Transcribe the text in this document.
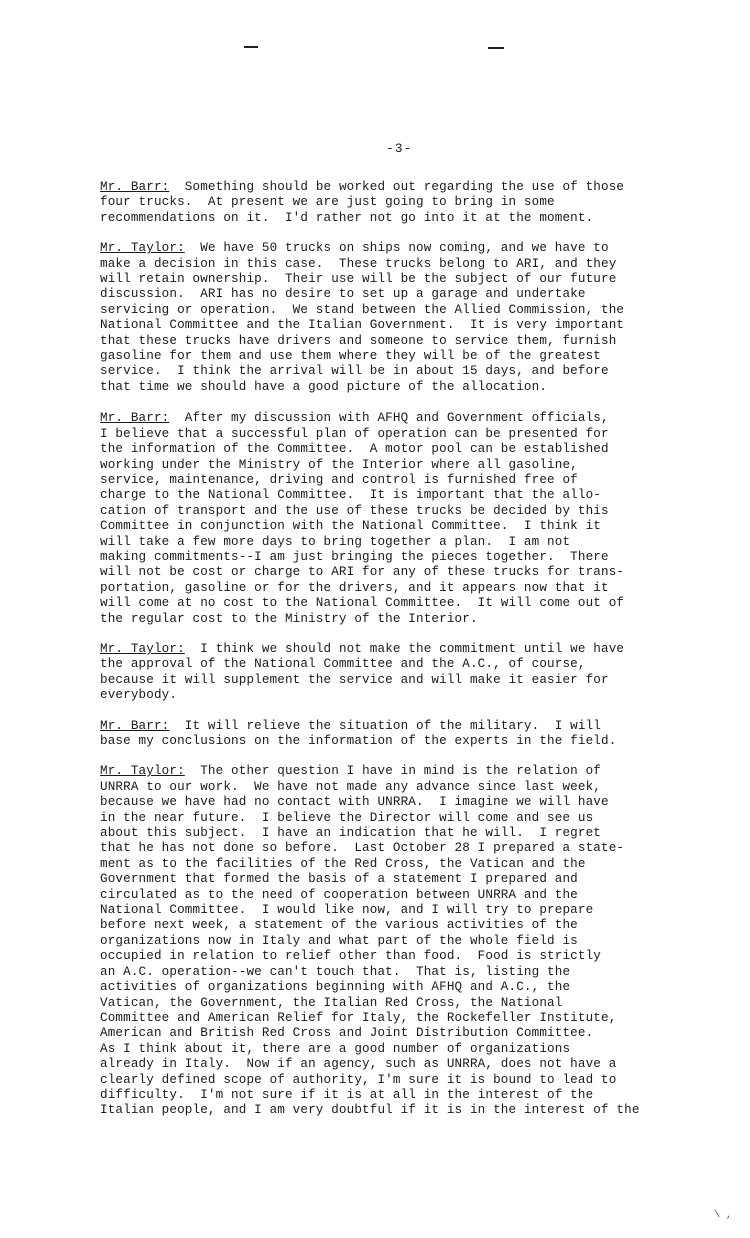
-3-
Mr. Barr:  Something should be worked out regarding the use of those
four trucks.  At present we are just going to bring in some
recommendations on it.  I'd rather not go into it at the moment.
Mr. Taylor:  We have 50 trucks on ships now coming, and we have to
make a decision in this case.  These trucks belong to ARI, and they
will retain ownership.  Their use will be the subject of our future
discussion.  ARI has no desire to set up a garage and undertake
servicing or operation.  We stand between the Allied Commission, the
National Committee and the Italian Government.  It is very important
that these trucks have drivers and someone to service them, furnish
gasoline for them and use them where they will be of the greatest
service.  I think the arrival will be in about 15 days, and before
that time we should have a good picture of the allocation.
Mr. Barr:  After my discussion with AFHQ and Government officials,
I believe that a successful plan of operation can be presented for
the information of the Committee.  A motor pool can be established
working under the Ministry of the Interior where all gasoline,
service, maintenance, driving and control is furnished free of
charge to the National Committee.  It is important that the allo-
cation of transport and the use of these trucks be decided by this
Committee in conjunction with the National Committee.  I think it
will take a few more days to bring together a plan.  I am not
making commitments--I am just bringing the pieces together.  There
will not be cost or charge to ARI for any of these trucks for trans-
portation, gasoline or for the drivers, and it appears now that it
will come at no cost to the National Committee.  It will come out of
the regular cost to the Ministry of the Interior.
Mr. Taylor:  I think we should not make the commitment until we have
the approval of the National Committee and the A.C., of course,
because it will supplement the service and will make it easier for
everybody.
Mr. Barr:  It will relieve the situation of the military.  I will
base my conclusions on the information of the experts in the field.
Mr. Taylor:  The other question I have in mind is the relation of
UNRRA to our work.  We have not made any advance since last week,
because we have had no contact with UNRRA.  I imagine we will have
in the near future.  I believe the Director will come and see us
about this subject.  I have an indication that he will.  I regret
that he has not done so before.  Last October 28 I prepared a state-
ment as to the facilities of the Red Cross, the Vatican and the
Government that formed the basis of a statement I prepared and
circulated as to the need of cooperation between UNRRA and the
National Committee.  I would like now, and I will try to prepare
before next week, a statement of the various activities of the
organizations now in Italy and what part of the whole field is
occupied in relation to relief other than food.  Food is strictly
an A.C. operation--we can't touch that.  That is, listing the
activities of organizations beginning with AFHQ and A.C., the
Vatican, the Government, the Italian Red Cross, the National
Committee and American Relief for Italy, the Rockefeller Institute,
American and British Red Cross and Joint Distribution Committee.
As I think about it, there are a good number of organizations
already in Italy.  Now if an agency, such as UNRRA, does not have a
clearly defined scope of authority, I'm sure it is bound to lead to
difficulty.  I'm not sure if it is at all in the interest of the
Italian people, and I am very doubtful if it is in the interest of the
\ ,
